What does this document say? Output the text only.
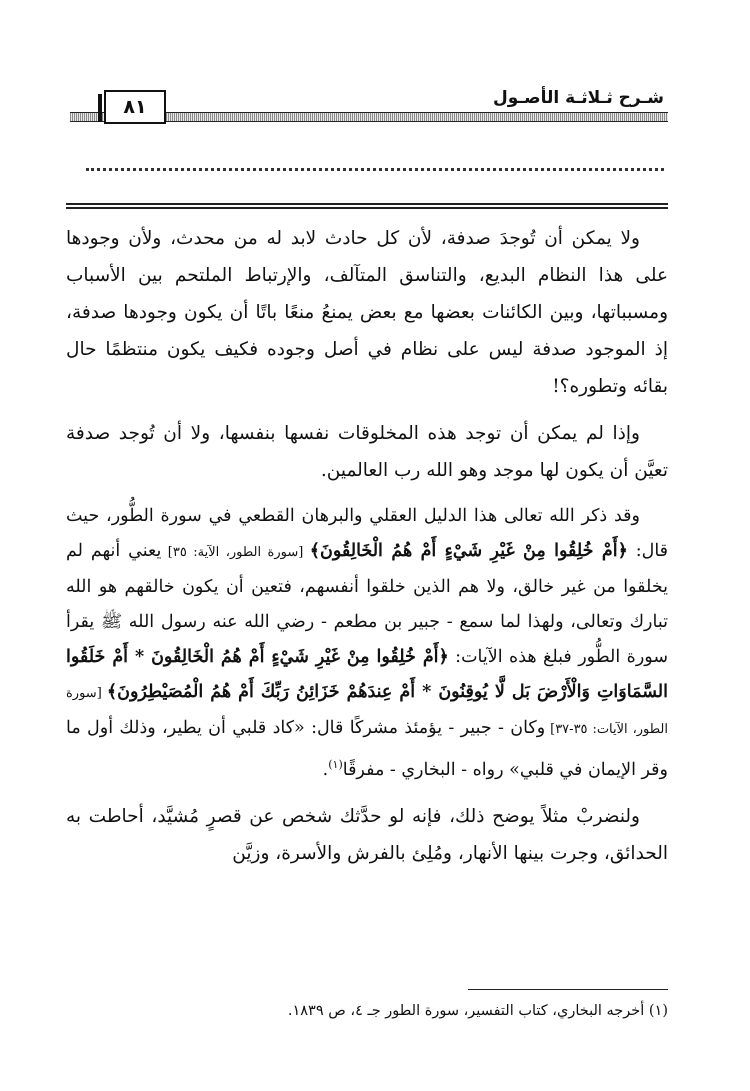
شـرح ثـلاثـة الأصـول
٨١

ولا يمكن أن تُوجدَ صدفة، لأن كل حادث لابد له من محدث، ولأن وجودها على هذا النظام البديع، والتناسق المتآلف، والإرتباط الملتحم بين الأسباب ومسبباتها، وبين الكائنات بعضها مع بعض يمنعُ منعًا باتًا أن يكون وجودها صدفة، إذ الموجود صدفة ليس على نظام في أصل وجوده فكيف يكون منتظمًا حال بقائه وتطوره؟!

وإذا لم يمكن أن توجد هذه المخلوقات نفسها بنفسها، ولا أن تُوجد صدفة تعيَّن أن يكون لها موجد وهو الله رب العالمين.

وقد ذكر الله تعالى هذا الدليل العقلي والبرهان القطعي في سورة الطُّور، حيث قال: ﴿أَمْ خُلِقُوا مِنْ غَيْرِ شَيْءٍ أَمْ هُمُ الْخَالِقُونَ﴾ [سورة الطور، الآية: ٣٥] يعني أنهم لم يخلقوا من غير خالق، ولا هم الذين خلقوا أنفسهم، فتعين أن يكون خالقهم هو الله تبارك وتعالى، ولهذا لما سمع - جبير بن مطعم - رضي الله عنه رسول الله ﷺ يقرأ سورة الطُّور فبلغ هذه الآيات: ﴿أَمْ خُلِقُوا مِنْ غَيْرِ شَيْءٍ أَمْ هُمُ الْخَالِقُونَ * أَمْ خَلَقُوا السَّمَاوَاتِ وَالْأَرْضَ بَل لَّا يُوقِنُونَ * أَمْ عِندَهُمْ خَزَائِنُ رَبِّكَ أَمْ هُمُ الْمُصَيْطِرُونَ﴾ [سورة الطور، الآيات: ٣٥-٣٧] وكان - جبير - يؤمئذ مشركًا قال: «كاد قلبي أن يطير، وذلك أول ما وقر الإيمان في قلبي» رواه - البخاري - مفرقًا$^{(١)}$.

ولنضربْ مثلاً يوضح ذلك، فإنه لو حدَّثك شخص عن قصرٍ مُشيَّد، أحاطت به الحدائق، وجرت بينها الأنهار، ومُلِئ بالفرش والأسرة، وزيَّن

(١) أخرجه البخاري، كتاب التفسير، سورة الطور جـ ٤، ص ١٨٣٩.
